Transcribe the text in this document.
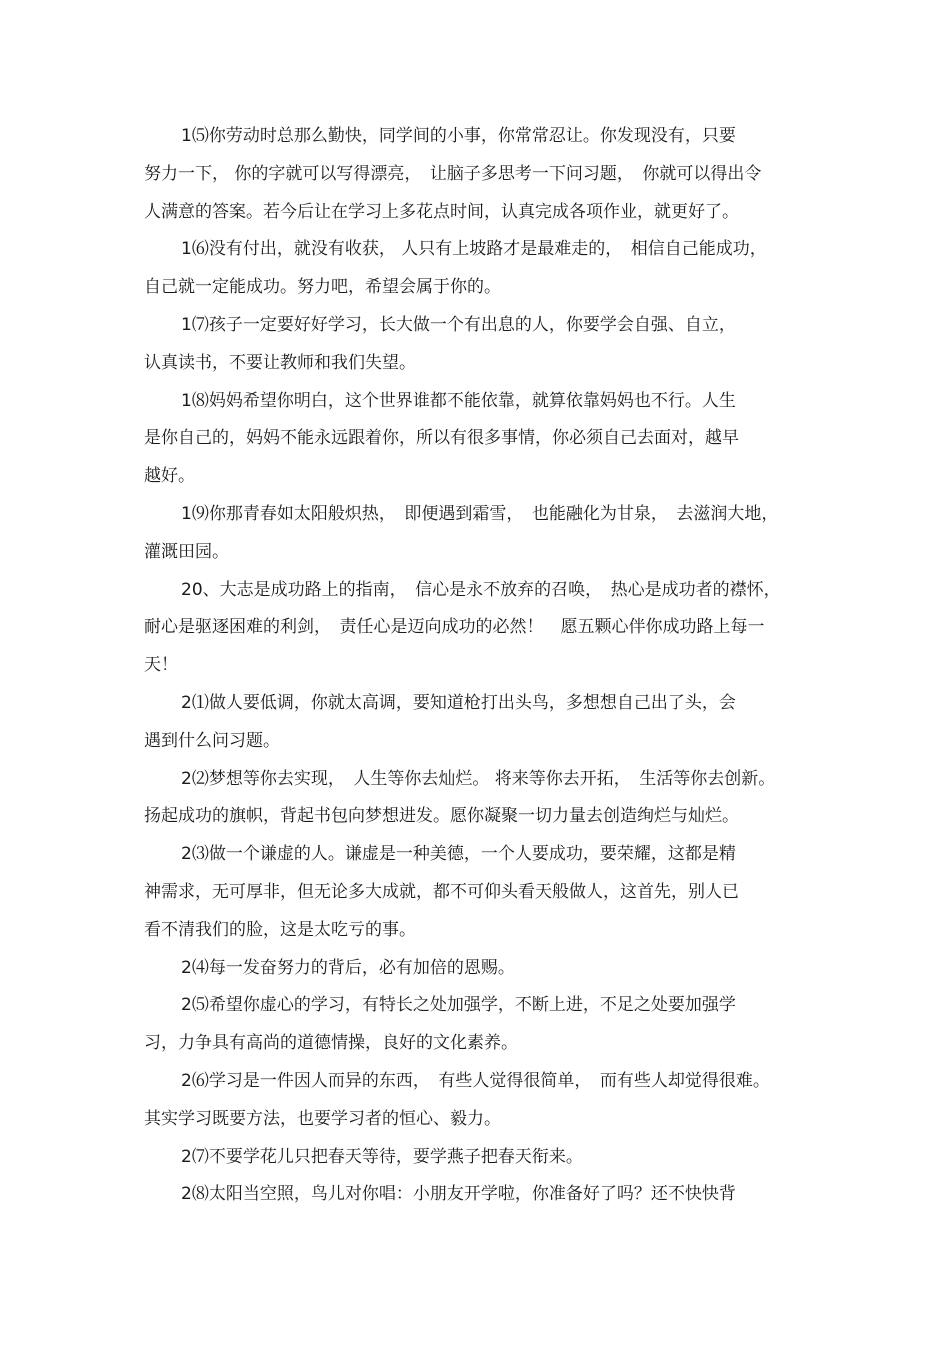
1⑸你劳动时总那么勤快，同学间的小事，你常常忍让。你发现没有，只要
努力一下， 你的字就可以写得漂亮，　让脑子多思考一下问习题，　你就可以得出令
人满意的答案。若今后让在学习上多花点时间，认真完成各项作业，就更好了。
1⑹没有付出，就没有收获， 人只有上坡路才是最难走的，　相信自己能成功，
自己就一定能成功。努力吧，希望会属于你的。
1⑺孩子一定要好好学习，长大做一个有出息的人，你要学会自强、自立，
认真读书，不要让教师和我们失望。
1⑻妈妈希望你明白，这个世界谁都不能依靠，就算依靠妈妈也不行。人生
是你自己的，妈妈不能永远跟着你，所以有很多事情，你必须自己去面对，越早
越好。
1⑼你那青春如太阳般炽热，　即便遇到霜雪，　也能融化为甘泉，　去滋润大地，
灌溉田园。
20、大志是成功路上的指南，　信心是永不放弃的召唤，　热心是成功者的襟怀，
耐心是驱逐困难的利剑，　责任心是迈向成功的必然！　愿五颗心伴你成功路上每一
天！
2⑴做人要低调，你就太高调，要知道枪打出头鸟，多想想自己出了头，会
遇到什么问习题。
2⑵梦想等你去实现，　人生等你去灿烂。 将来等你去开拓，　生活等你去创新。
扬起成功的旗帜，背起书包向梦想进发。愿你凝聚一切力量去创造绚烂与灿烂。
2⑶做一个谦虚的人。谦虚是一种美德，一个人要成功，要荣耀，这都是精
神需求，无可厚非，但无论多大成就，都不可仰头看天般做人，这首先，别人已
看不清我们的脸，这是太吃亏的事。
2⑷每一发奋努力的背后，必有加倍的恩赐。
2⑸希望你虚心的学习，有特长之处加强学，不断上进，不足之处要加强学
习，力争具有高尚的道德情操，良好的文化素养。
2⑹学习是一件因人而异的东西，　有些人觉得很简单，　而有些人却觉得很难。
其实学习既要方法，也要学习者的恒心、毅力。
2⑺不要学花儿只把春天等待，要学燕子把春天衔来。
2⑻太阳当空照，鸟儿对你唱：小朋友开学啦，你准备好了吗？还不快快背
